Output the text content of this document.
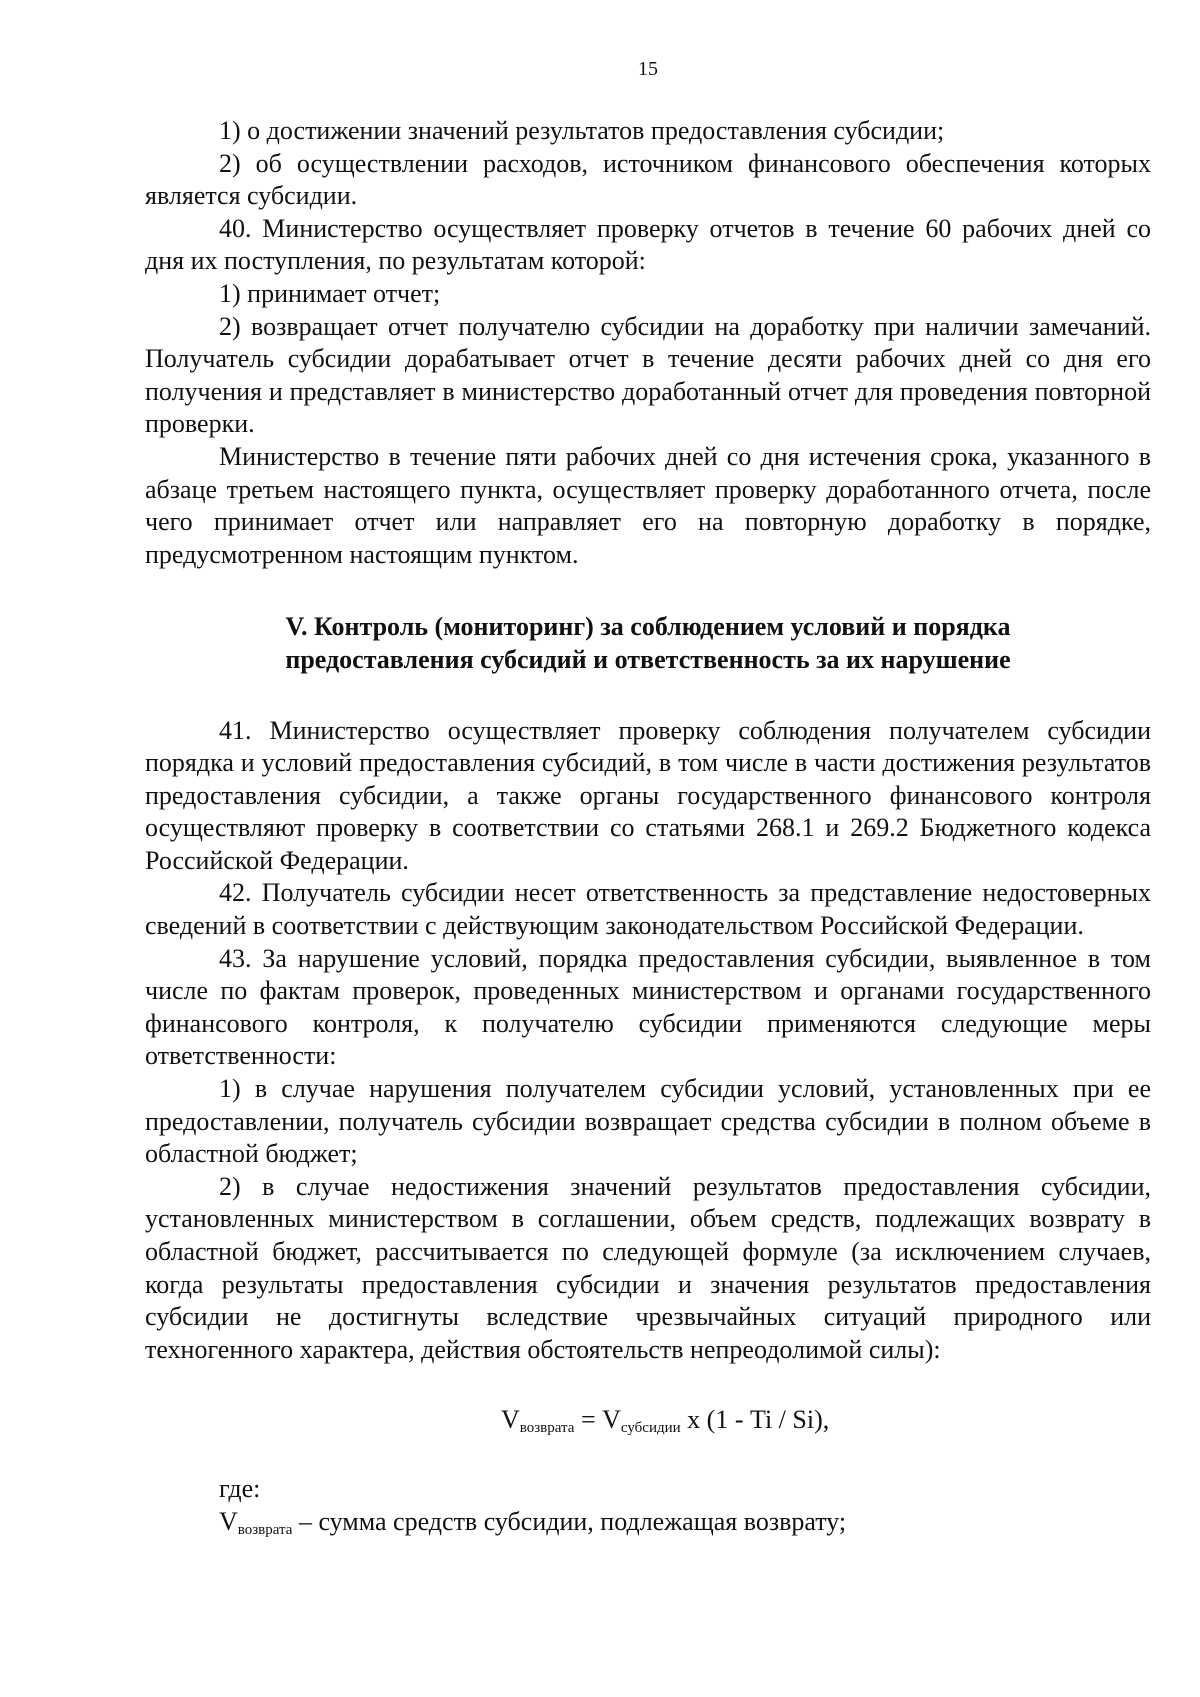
15

1) о достижении значений результатов предоставления субсидии;

2) об осуществлении расходов, источником финансового обеспечения которых является субсидии.

40. Министерство осуществляет проверку отчетов в течение 60 рабочих дней со дня их поступления, по результатам которой:

1) принимает отчет;

2) возвращает отчет получателю субсидии на доработку при наличии замечаний. Получатель субсидии дорабатывает отчет в течение десяти рабочих дней со дня его получения и представляет в министерство доработанный отчет для проведения повторной проверки.

Министерство в течение пяти рабочих дней со дня истечения срока, указанного в абзаце третьем настоящего пункта, осуществляет проверку доработанного отчета, после чего принимает отчет или направляет его на повторную доработку в порядке, предусмотренном настоящим пунктом.

V. Контроль (мониторинг) за соблюдением условий и порядка
предоставления субсидий и ответственность за их нарушение

41. Министерство осуществляет проверку соблюдения получателем субсидии порядка и условий предоставления субсидий, в том числе в части достижения результатов предоставления субсидии, а также органы государственного финансового контроля осуществляют проверку в соответствии со статьями 268.1 и 269.2 Бюджетного кодекса Российской Федерации.

42. Получатель субсидии несет ответственность за представление недостоверных сведений в соответствии с действующим законодательством Российской Федерации.

43. За нарушение условий, порядка предоставления субсидии, выявленное в том числе по фактам проверок, проведенных министерством и органами государственного финансового контроля, к получателю субсидии применяются следующие меры ответственности:

1) в случае нарушения получателем субсидии условий, установленных при ее предоставлении, получатель субсидии возвращает средства субсидии в полном объеме в областной бюджет;

2) в случае недостижения значений результатов предоставления субсидии, установленных министерством в соглашении, объем средств, подлежащих возврату в областной бюджет, рассчитывается по следующей формуле (за исключением случаев, когда результаты предоставления субсидии и значения результатов предоставления субсидии не достигнуты вследствие чрезвычайных ситуаций природного или техногенного характера, действия обстоятельств непреодолимой силы):

$V_{возврата} = V_{субсидии}$ х (1 - Ti / Si),

где:

$V_{возврата}$ – сумма средств субсидии, подлежащая возврату;
